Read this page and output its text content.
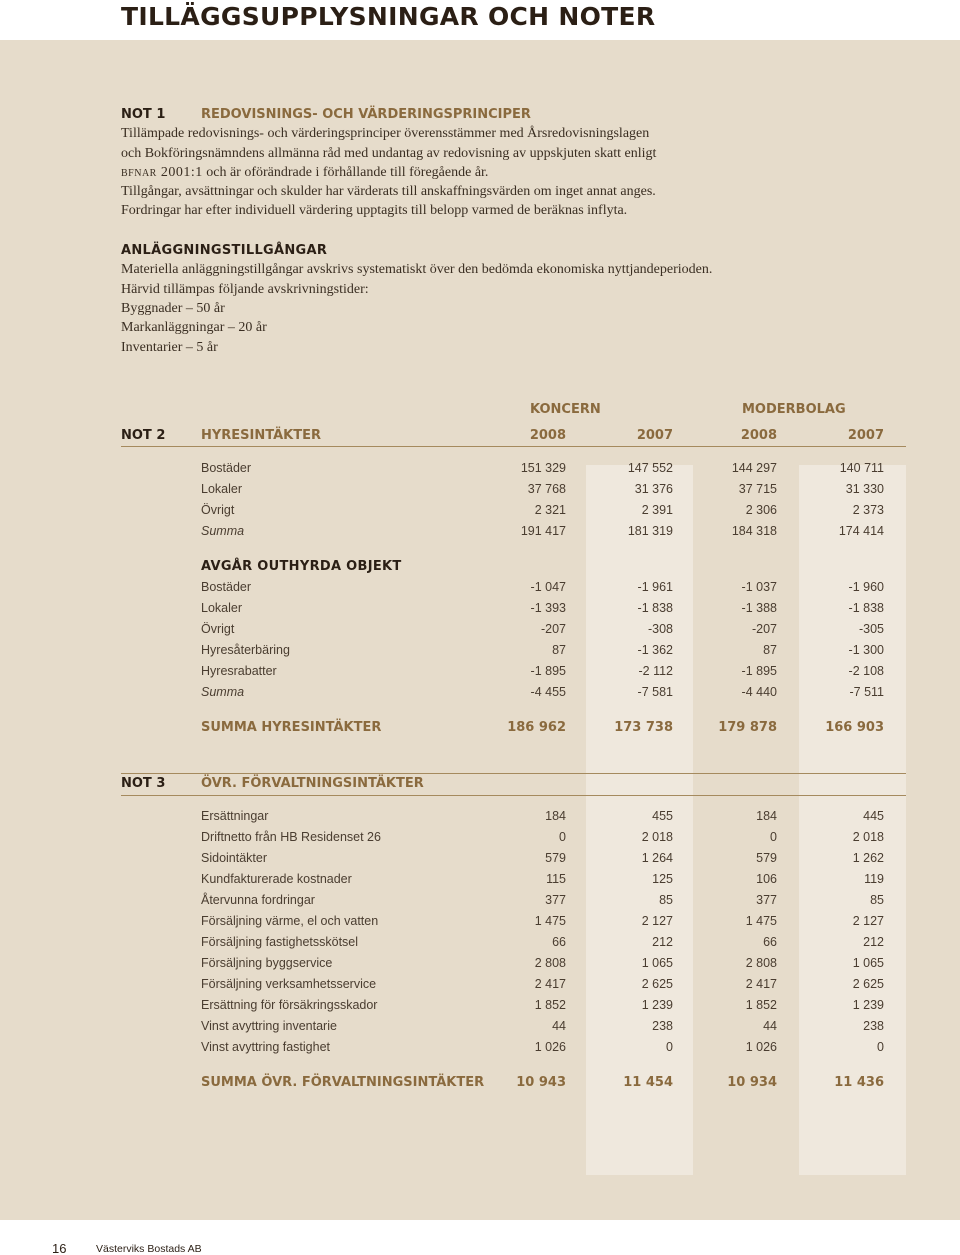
TILLÄGGSUPPLYSNINGAR OCH NOTER
NOT 1	REDOVISNINGS- OCH VÄRDERINGSPRINCIPER
Tillämpade redovisnings- och värderingsprinciper överensstämmer med Årsredovisningslagen
och Bokföringsnämndens allmänna råd med undantag av redovisning av uppskjuten skatt enligt
bfnar 2001:1 och är oförändrade i förhållande till föregående år.
Tillgångar, avsättningar och skulder har värderats till anskaffningsvärden om inget annat anges.
Fordringar har efter individuell värdering upptagits till belopp varmed de beräknas inflyta.
ANLÄGGNINGSTILLGÅNGAR
Materiella anläggningstillgångar avskrivs systematiskt över den bedömda ekonomiska nyttjandeperioden.
Härvid tillämpas följande avskrivningstider:
Byggnader – 50 år
Markanläggningar – 20 år
Inventarier – 5 år
KONCERN	MODERBOLAG
NOT 2	HYRESINTÄKTER	2008	2007	2008	2007
Bostäder	151 329	147 552	144 297	140 711
Lokaler	37 768	31 376	37 715	31 330
Övrigt	2 321	2 391	2 306	2 373
Summa	191 417	181 319	184 318	174 414
AVGÅR OUTHYRDA OBJEKT
Bostäder	-1 047	-1 961	-1 037	-1 960
Lokaler	-1 393	-1 838	-1 388	-1 838
Övrigt	-207	-308	-207	-305
Hyresåterbäring	87	-1 362	87	-1 300
Hyresrabatter	-1 895	-2 112	-1 895	-2 108
Summa	-4 455	-7 581	-4 440	-7 511
SUMMA HYRESINTÄKTER	186 962	173 738	179 878	166 903
NOT 3	ÖVR. FÖRVALTNINGSINTÄKTER
Ersättningar	184	455	184	445
Driftnetto från HB Residenset 26	0	2 018	0	2 018
Sidointäkter	579	1 264	579	1 262
Kundfakturerade kostnader	115	125	106	119
Återvunna fordringar	377	85	377	85
Försäljning värme, el och vatten	1 475	2 127	1 475	2 127
Försäljning fastighetsskötsel	66	212	66	212
Försäljning byggservice	2 808	1 065	2 808	1 065
Försäljning verksamhetsservice	2 417	2 625	2 417	2 625
Ersättning för försäkringsskador	1 852	1 239	1 852	1 239
Vinst avyttring inventarie	44	238	44	238
Vinst avyttring fastighet	1 026	0	1 026	0
SUMMA ÖVR. FÖRVALTNINGSINTÄKTER	10 943	11 454	10 934	11 436
16	Västerviks Bostads AB
